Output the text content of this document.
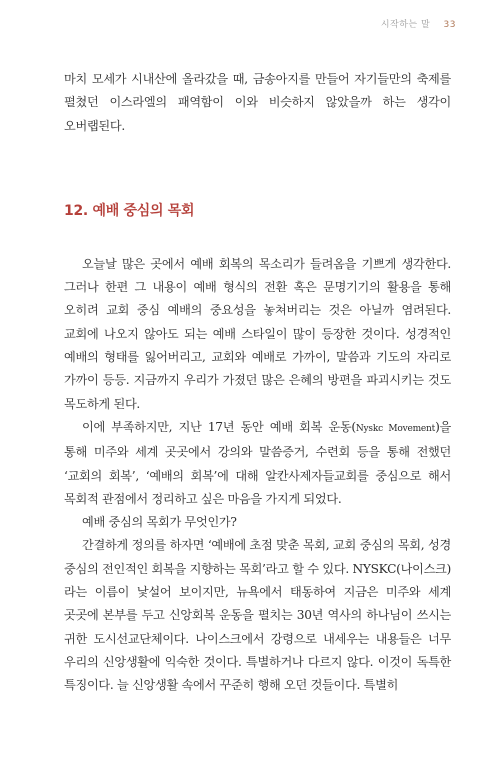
시작하는 말 33

마치 모세가 시내산에 올라갔을 때, 금송아지를 만들어 자기들만의 축제를 펼쳤던 이스라엘의 패역함이 이와 비슷하지 않았을까 하는 생각이 오버랩된다.

12. 예배 중심의 목회

오늘날 많은 곳에서 예배 회복의 목소리가 들려옴을 기쁘게 생각한다. 그러나 한편 그 내용이 예배 형식의 전환 혹은 문명기기의 활용을 통해 오히려 교회 중심 예배의 중요성을 놓쳐버리는 것은 아닐까 염려된다. 교회에 나오지 않아도 되는 예배 스타일이 많이 등장한 것이다. 성경적인 예배의 형태를 잃어버리고, 교회와 예배로 가까이, 말씀과 기도의 자리로 가까이 등등. 지금까지 우리가 가졌던 많은 은혜의 방편을 파괴시키는 것도 목도하게 된다.

이에 부족하지만, 지난 17년 동안 예배 회복 운동(Nyskc Movement)을 통해 미주와 세계 곳곳에서 강의와 말씀증거, 수련회 등을 통해 전했던 ‘교회의 회복’, ‘예배의 회복’에 대해 알칸사제자들교회를 중심으로 해서 목회적 관점에서 정리하고 싶은 마음을 가지게 되었다.

예배 중심의 목회가 무엇인가?

간결하게 정의를 하자면 ‘예배에 초점 맞춘 목회, 교회 중심의 목회, 성경 중심의 전인적인 회복을 지향하는 목회’라고 할 수 있다. NYSKC(나이스크)라는 이름이 낯설어 보이지만, 뉴욕에서 태동하여 지금은 미주와 세계 곳곳에 본부를 두고 신앙회복 운동을 펼치는 30년 역사의 하나님이 쓰시는 귀한 도시선교단체이다. 나이스크에서 강령으로 내세우는 내용들은 너무 우리의 신앙생활에 익숙한 것이다. 특별하거나 다르지 않다. 이것이 독특한 특징이다. 늘 신앙생활 속에서 꾸준히 행해 오던 것들이다. 특별히
